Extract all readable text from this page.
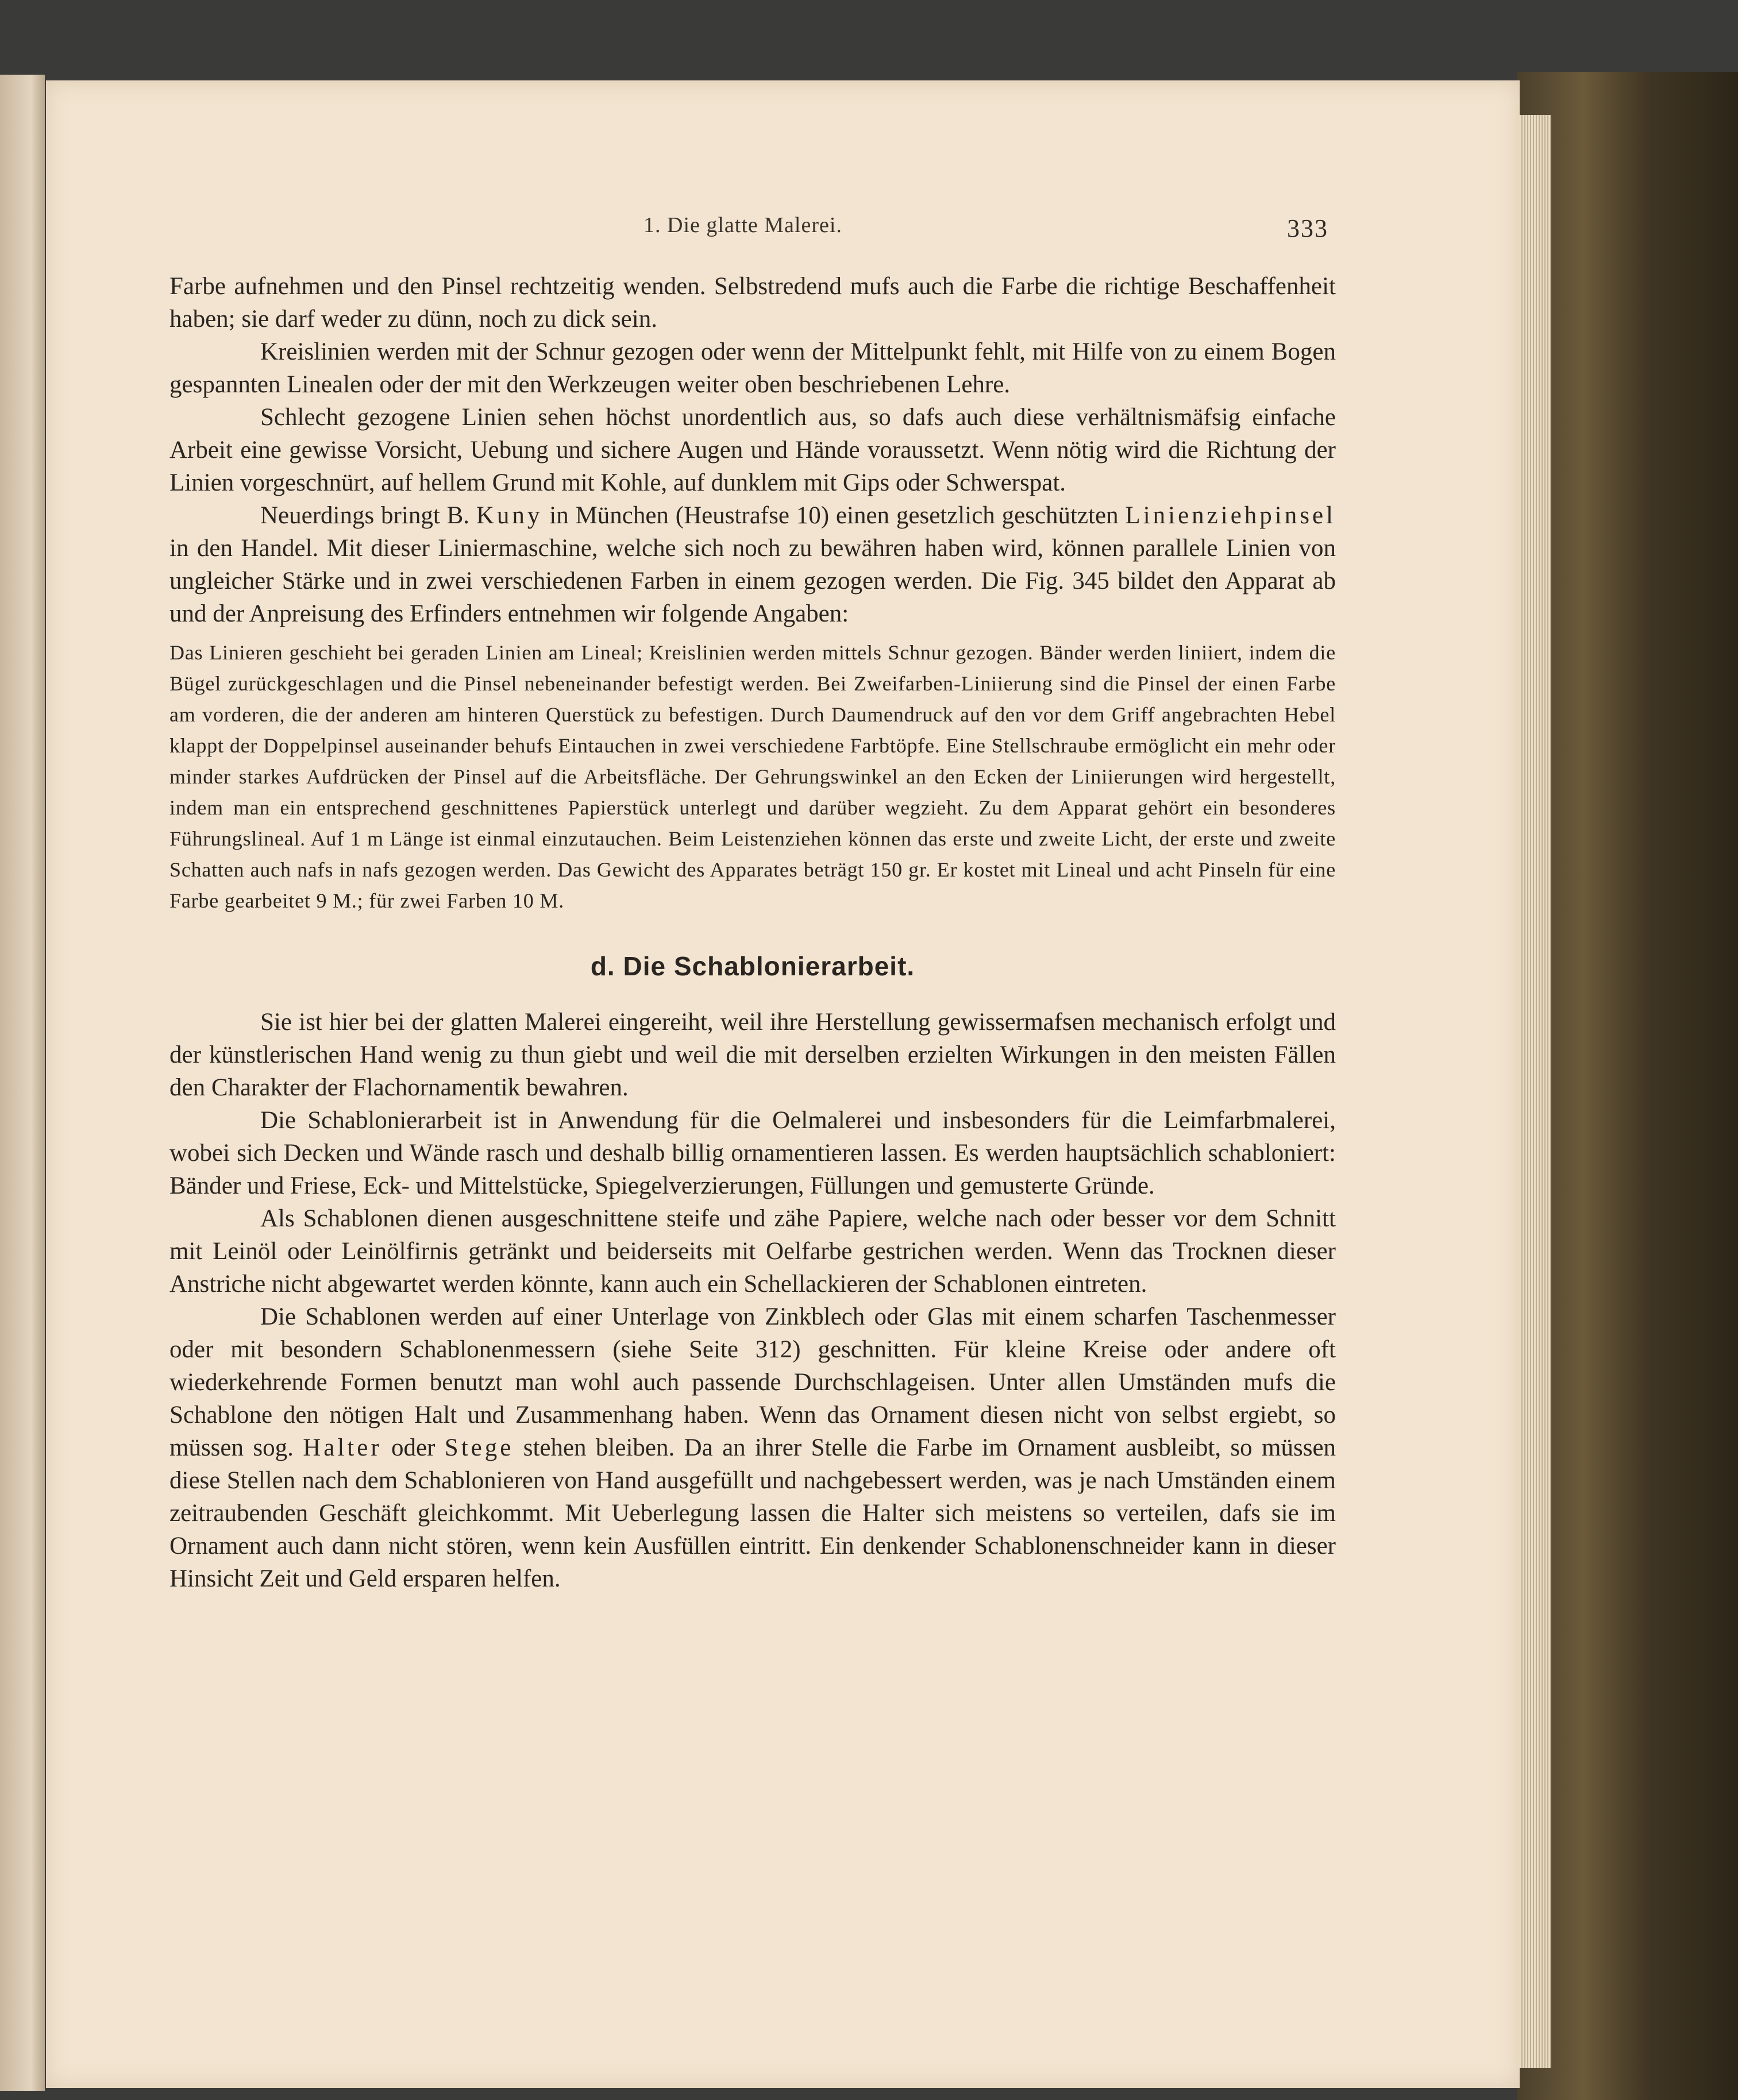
1. Die glatte Malerei.	333

Farbe aufnehmen und den Pinsel rechtzeitig wenden. Selbstredend mufs auch die Farbe die richtige Beschaffenheit haben; sie darf weder zu dünn, noch zu dick sein.

Kreislinien werden mit der Schnur gezogen oder wenn der Mittelpunkt fehlt, mit Hilfe von zu einem Bogen gespannten Linealen oder der mit den Werkzeugen weiter oben beschriebenen Lehre.

Schlecht gezogene Linien sehen höchst unordentlich aus, so dafs auch diese verhältnismäfsig einfache Arbeit eine gewisse Vorsicht, Uebung und sichere Augen und Hände voraussetzt. Wenn nötig wird die Richtung der Linien vorgeschnürt, auf hellem Grund mit Kohle, auf dunklem mit Gips oder Schwerspat.

Neuerdings bringt B. Kuny in München (Heustrafse 10) einen gesetzlich geschützten Linienziehpinsel in den Handel. Mit dieser Liniermaschine, welche sich noch zu bewähren haben wird, können parallele Linien von ungleicher Stärke und in zwei verschiedenen Farben in einem gezogen werden. Die Fig. 345 bildet den Apparat ab und der Anpreisung des Erfinders entnehmen wir folgende Angaben:

Das Linieren geschieht bei geraden Linien am Lineal; Kreislinien werden mittels Schnur gezogen. Bänder werden liniiert, indem die Bügel zurückgeschlagen und die Pinsel nebeneinander befestigt werden. Bei Zweifarben-Liniierung sind die Pinsel der einen Farbe am vorderen, die der anderen am hinteren Querstück zu befestigen. Durch Daumendruck auf den vor dem Griff angebrachten Hebel klappt der Doppelpinsel auseinander behufs Eintauchen in zwei verschiedene Farbtöpfe. Eine Stellschraube ermöglicht ein mehr oder minder starkes Aufdrücken der Pinsel auf die Arbeitsfläche. Der Gehrungswinkel an den Ecken der Liniierungen wird hergestellt, indem man ein entsprechend geschnittenes Papierstück unterlegt und darüber wegzieht. Zu dem Apparat gehört ein besonderes Führungslineal. Auf 1 m Länge ist einmal einzutauchen. Beim Leistenziehen können das erste und zweite Licht, der erste und zweite Schatten auch nafs in nafs gezogen werden. Das Gewicht des Apparates beträgt 150 gr. Er kostet mit Lineal und acht Pinseln für eine Farbe gearbeitet 9 M.; für zwei Farben 10 M.

d. Die Schablonierarbeit.

Sie ist hier bei der glatten Malerei eingereiht, weil ihre Herstellung gewissermafsen mechanisch erfolgt und der künstlerischen Hand wenig zu thun giebt und weil die mit derselben erzielten Wirkungen in den meisten Fällen den Charakter der Flachornamentik bewahren.

Die Schablonierarbeit ist in Anwendung für die Oelmalerei und insbesonders für die Leimfarbmalerei, wobei sich Decken und Wände rasch und deshalb billig ornamentieren lassen. Es werden hauptsächlich schabloniert: Bänder und Friese, Eck- und Mittelstücke, Spiegelverzierungen, Füllungen und gemusterte Gründe.

Als Schablonen dienen ausgeschnittene steife und zähe Papiere, welche nach oder besser vor dem Schnitt mit Leinöl oder Leinölfirnis getränkt und beiderseits mit Oelfarbe gestrichen werden. Wenn das Trocknen dieser Anstriche nicht abgewartet werden könnte, kann auch ein Schellackieren der Schablonen eintreten.

Die Schablonen werden auf einer Unterlage von Zinkblech oder Glas mit einem scharfen Taschenmesser oder mit besondern Schablonenmessern (siehe Seite 312) geschnitten. Für kleine Kreise oder andere oft wiederkehrende Formen benutzt man wohl auch passende Durchschlageisen. Unter allen Umständen mufs die Schablone den nötigen Halt und Zusammenhang haben. Wenn das Ornament diesen nicht von selbst ergiebt, so müssen sog. Halter oder Stege stehen bleiben. Da an ihrer Stelle die Farbe im Ornament ausbleibt, so müssen diese Stellen nach dem Schablonieren von Hand ausgefüllt und nachgebessert werden, was je nach Umständen einem zeitraubenden Geschäft gleichkommt. Mit Ueberlegung lassen die Halter sich meistens so verteilen, dafs sie im Ornament auch dann nicht stören, wenn kein Ausfüllen eintritt. Ein denkender Schablonenschneider kann in dieser Hinsicht Zeit und Geld ersparen helfen.
